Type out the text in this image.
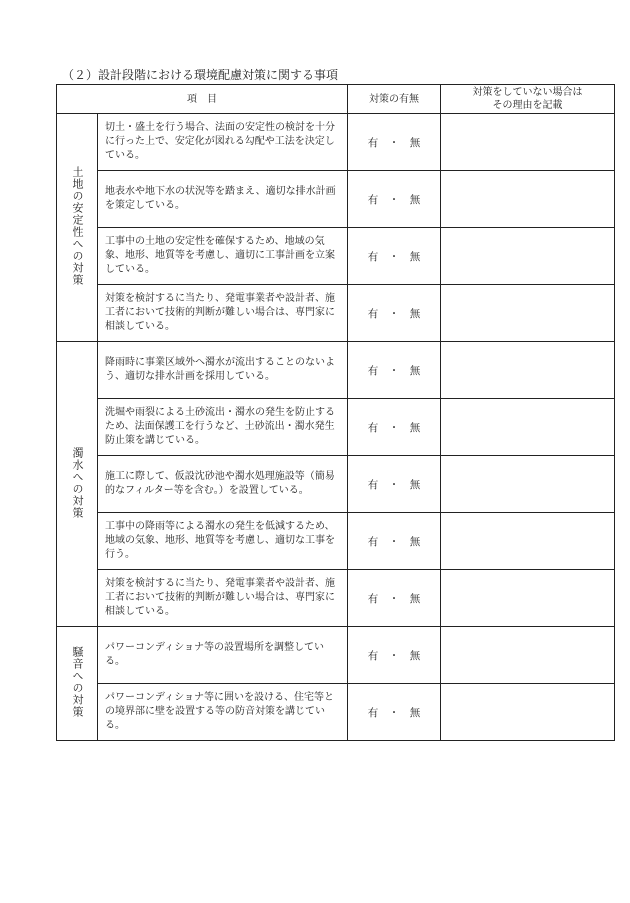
（２）設計段階における環境配慮対策に関する事項
項　目		対策の有無	対策をしていない場合は
その理由を記載

土地の安定性への対策	切土・盛土を行う場合、法面の安定性の検討を十分に行った上で、安定化が図れる勾配や工法を決定している。	有　・　無	
	地表水や地下水の状況等を踏まえ、適切な排水計画を策定している。	有　・　無	
	工事中の土地の安定性を確保するため、地域の気象、地形、地質等を考慮し、適切に工事計画を立案している。	有　・　無	
	対策を検討するに当たり、発電事業者や設計者、施工者において技術的判断が難しい場合は、専門家に相談している。	有　・　無	
濁水への対策	降雨時に事業区域外へ濁水が流出することのないよう、適切な排水計画を採用している。	有　・　無	
	洗堀や雨裂による土砂流出・濁水の発生を防止するため、法面保護工を行うなど、土砂流出・濁水発生防止策を講じている。	有　・　無	
	施工に際して、仮設沈砂池や濁水処理施設等（簡易的なフィルター等を含む。）を設置している。	有　・　無	
	工事中の降雨等による濁水の発生を低減するため、地域の気象、地形、地質等を考慮し、適切な工事を行う。	有　・　無	
	対策を検討するに当たり、発電事業者や設計者、施工者において技術的判断が難しい場合は、専門家に相談している。	有　・　無	
騒音への対策	パワーコンディショナ等の設置場所を調整している。	有　・　無	
	パワーコンディショナ等に囲いを設ける、住宅等との境界部に壁を設置する等の防音対策を講じている。	有　・　無	
